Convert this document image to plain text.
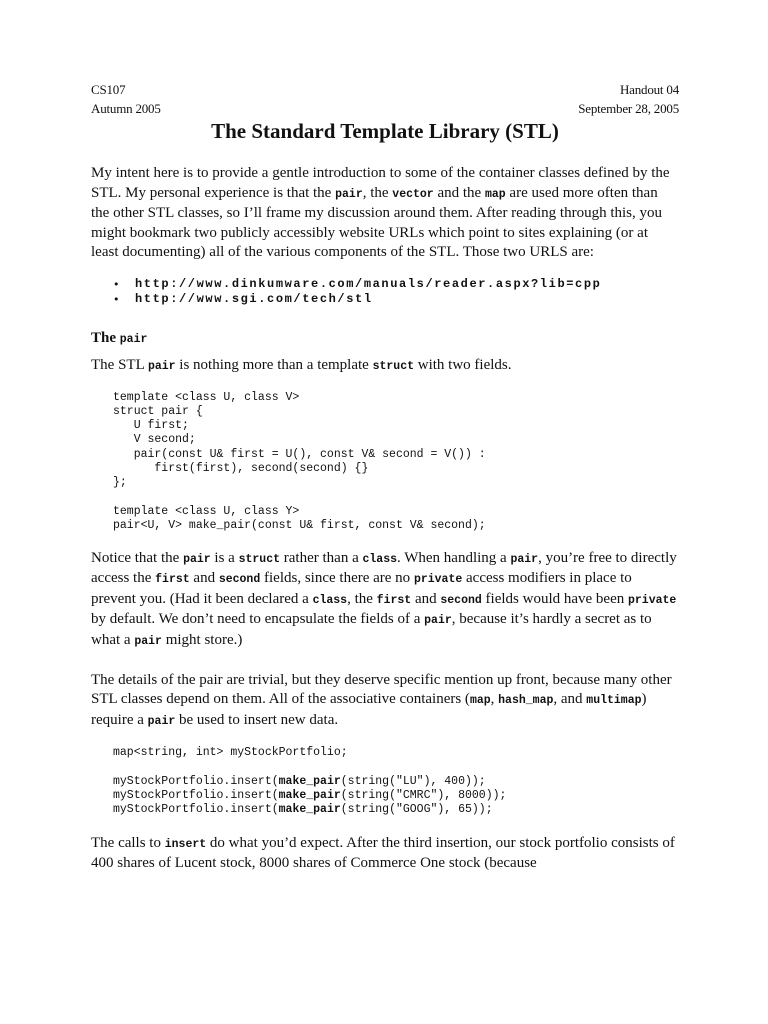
CS107	Handout 04
Autumn 2005	September 28, 2005
The Standard Template Library (STL)

My intent here is to provide a gentle introduction to some of the container classes defined by the STL. My personal experience is that the pair, the vector and the map are used more often than the other STL classes, so I’ll frame my discussion around them. After reading through this, you might bookmark two publicly accessibly website URLs which point to sites explaining (or at least documenting) all of the various components of the STL. Those two URLS are:

•	http://www.dinkumware.com/manuals/reader.aspx?lib=cpp
•	http://www.sgi.com/tech/stl
The pair

The STL pair is nothing more than a template struct with two fields.

template <class U, class V>
struct pair {
U first;
V second;
pair(const U& first = U(), const V& second = V()) :
first(first), second(second) {}
};

template <class U, class Y>
pair<U, V> make_pair(const U& first, const V& second);

Notice that the pair is a struct rather than a class. When handling a pair, you’re free to directly access the first and second fields, since there are no private access modifiers in place to prevent you. (Had it been declared a class, the first and second fields would have been private by default. We don’t need to encapsulate the fields of a pair, because it’s hardly a secret as to what a pair might store.)

The details of the pair are trivial, but they deserve specific mention up front, because many other STL classes depend on them. All of the associative containers (map, hash_map, and multimap) require a pair be used to insert new data.

map<string, int> myStockPortfolio;

myStockPortfolio.insert(make_pair(string("LU"), 400));
myStockPortfolio.insert(make_pair(string("CMRC"), 8000));
myStockPortfolio.insert(make_pair(string("GOOG"), 65));

The calls to insert do what you’d expect. After the third insertion, our stock portfolio consists of 400 shares of Lucent stock, 8000 shares of Commerce One stock (because
